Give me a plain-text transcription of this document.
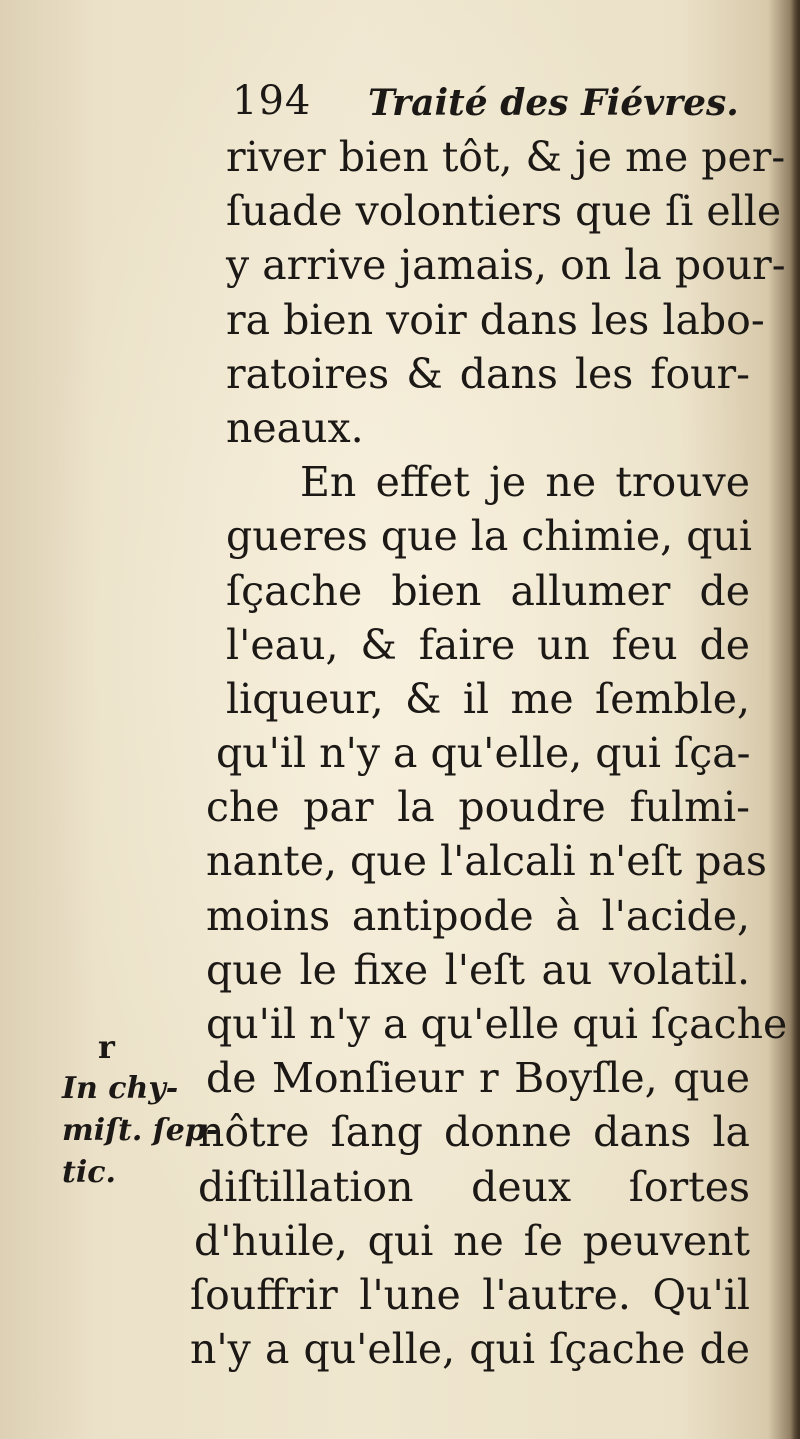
194 Traité des Fiévres.
river bien tôt, & je me per-
ſuade volontiers que ſi elle
y arrive jamais, on la pour-
ra bien voir dans les labo-
ratoires & dans les four-
neaux.
En effet je ne trouve
gueres que la chimie, qui
ſçache bien allumer de
l'eau, & faire un feu de
liqueur, & il me ſemble,
qu'il n'y a qu'elle, qui ſça-
che par la poudre fulmi-
nante, que l'alcali n'eſt pas
moins antipode à l'acide,
que le fixe l'eſt au volatil.
qu'il n'y a qu'elle qui ſçache
de Monſieur r Boyſle, que
nôtre ſang donne dans la
diſtillation deux ſortes
d'huile, qui ne ſe peuvent
ſouffrir l'une l'autre. Qu'il
n'y a qu'elle, qui ſçache de
r
In chy-
miſt. ſep-
tic.
